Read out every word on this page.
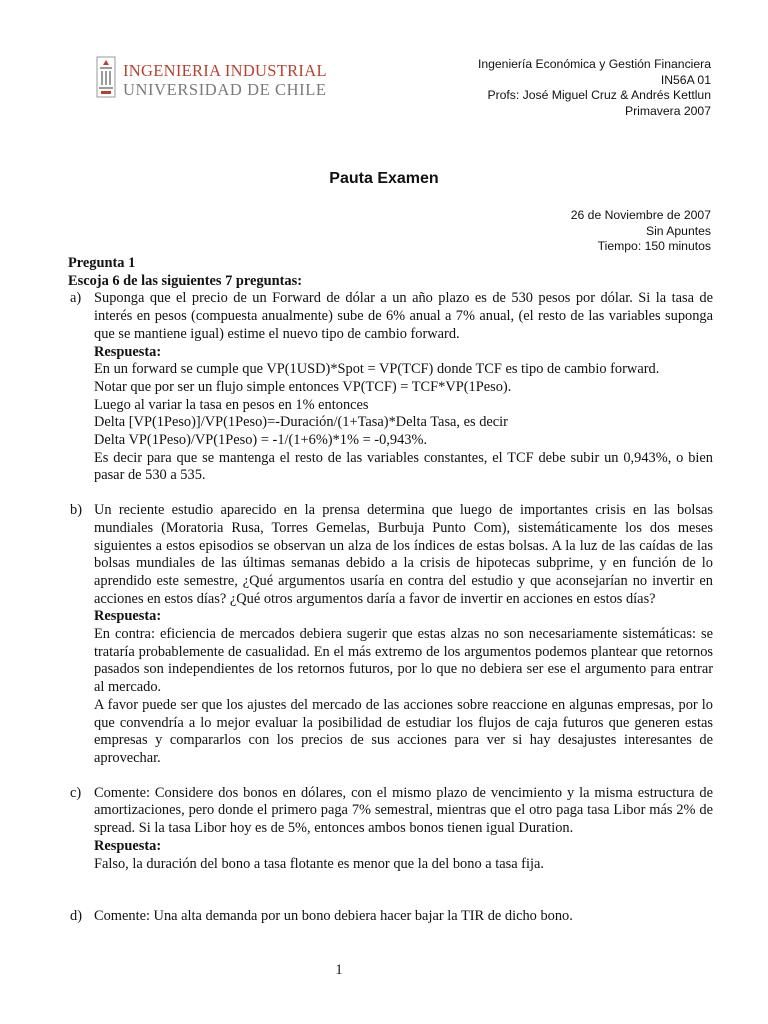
INGENIERIA INDUSTRIAL
UNIVERSIDAD DE CHILE
Ingeniería Económica y Gestión Financiera
IN56A 01
Profs: José Miguel Cruz & Andrés Kettlun
Primavera 2007
Pauta Examen
26 de Noviembre de 2007
Sin Apuntes
Tiempo: 150 minutos
Pregunta 1
Escoja 6 de las siguientes 7 preguntas:
a) Suponga que el precio de un Forward de dólar a un año plazo es de 530 pesos por dólar. Si la tasa de interés en pesos (compuesta anualmente) sube de 6% anual a 7% anual, (el resto de las variables suponga que se mantiene igual) estime el nuevo tipo de cambio forward.

Respuesta:

En un forward se cumple que VP(1USD)*Spot = VP(TCF) donde TCF es tipo de cambio forward.

Notar que por ser un flujo simple entonces VP(TCF) = TCF*VP(1Peso).

Luego al variar la tasa en pesos en 1% entonces

Delta [VP(1Peso)]/VP(1Peso)=-Duración/(1+Tasa)*Delta Tasa, es decir

Delta VP(1Peso)/VP(1Peso) = -1/(1+6%)*1% = -0,943%.

Es decir para que se mantenga el resto de las variables constantes, el TCF debe subir un 0,943%, o bien pasar de 530 a 535.

b) Un reciente estudio aparecido en la prensa determina que luego de importantes crisis en las bolsas mundiales (Moratoria Rusa, Torres Gemelas, Burbuja Punto Com), sistemáticamente los dos meses siguientes a estos episodios se observan un alza de los índices de estas bolsas. A la luz de las caídas de las bolsas mundiales de las últimas semanas debido a la crisis de hipotecas subprime, y en función de lo aprendido este semestre, ¿Qué argumentos usaría en contra del estudio y que aconsejarían no invertir en acciones en estos días? ¿Qué otros argumentos daría a favor de invertir en acciones en estos días?

Respuesta:

En contra: eficiencia de mercados debiera sugerir que estas alzas no son necesariamente sistemáticas: se trataría probablemente de casualidad. En el más extremo de los argumentos podemos plantear que retornos pasados son independientes de los retornos futuros, por lo que no debiera ser ese el argumento para entrar al mercado.

A favor puede ser que los ajustes del mercado de las acciones sobre reaccione en algunas empresas, por lo que convendría a lo mejor evaluar la posibilidad de estudiar los flujos de caja futuros que generen estas empresas y compararlos con los precios de sus acciones para ver si hay desajustes interesantes de aprovechar.

c) Comente: Considere dos bonos en dólares, con el mismo plazo de vencimiento y la misma estructura de amortizaciones, pero donde el primero paga 7% semestral, mientras que el otro paga tasa Libor más 2% de spread. Si la tasa Libor hoy es de 5%, entonces ambos bonos tienen igual Duration.

Respuesta:

Falso, la duración del bono a tasa flotante es menor que la del bono a tasa fija.

d) Comente: Una alta demanda por un bono debiera hacer bajar la TIR de dicho bono.

1
